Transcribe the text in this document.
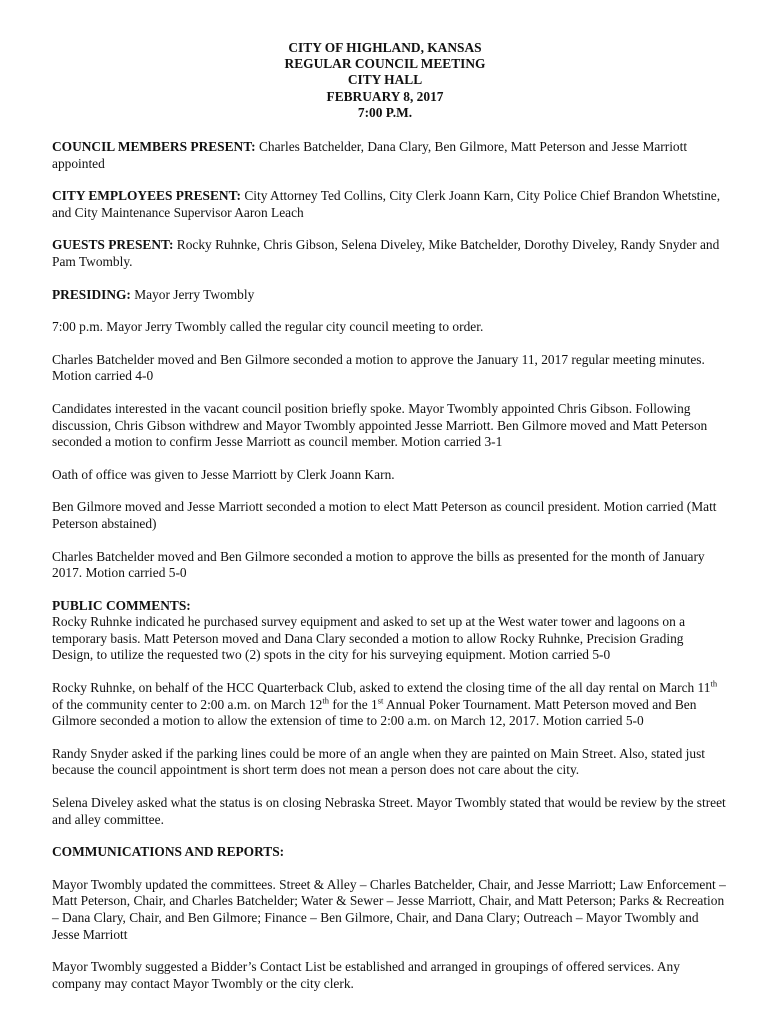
CITY OF HIGHLAND, KANSAS
REGULAR COUNCIL MEETING
CITY HALL
FEBRUARY 8, 2017
7:00 P.M.

COUNCIL MEMBERS PRESENT: Charles Batchelder, Dana Clary, Ben Gilmore, Matt Peterson and Jesse Marriott appointed

CITY EMPLOYEES PRESENT: City Attorney Ted Collins, City Clerk Joann Karn, City Police Chief Brandon Whetstine, and City Maintenance Supervisor Aaron Leach

GUESTS PRESENT: Rocky Ruhnke, Chris Gibson, Selena Diveley, Mike Batchelder, Dorothy Diveley, Randy Snyder and Pam Twombly.

PRESIDING: Mayor Jerry Twombly

7:00 p.m. Mayor Jerry Twombly called the regular city council meeting to order.

Charles Batchelder moved and Ben Gilmore seconded a motion to approve the January 11, 2017 regular meeting minutes. Motion carried 4-0

Candidates interested in the vacant council position briefly spoke. Mayor Twombly appointed Chris Gibson. Following discussion, Chris Gibson withdrew and Mayor Twombly appointed Jesse Marriott. Ben Gilmore moved and Matt Peterson seconded a motion to confirm Jesse Marriott as council member. Motion carried 3-1

Oath of office was given to Jesse Marriott by Clerk Joann Karn.

Ben Gilmore moved and Jesse Marriott seconded a motion to elect Matt Peterson as council president. Motion carried (Matt Peterson abstained)

Charles Batchelder moved and Ben Gilmore seconded a motion to approve the bills as presented for the month of January 2017. Motion carried 5-0

PUBLIC COMMENTS:

Rocky Ruhnke indicated he purchased survey equipment and asked to set up at the West water tower and lagoons on a temporary basis. Matt Peterson moved and Dana Clary seconded a motion to allow Rocky Ruhnke, Precision Grading Design, to utilize the requested two (2) spots in the city for his surveying equipment. Motion carried 5-0

Rocky Ruhnke, on behalf of the HCC Quarterback Club, asked to extend the closing time of the all day rental on March 11th of the community center to 2:00 a.m. on March 12th for the 1st Annual Poker Tournament. Matt Peterson moved and Ben Gilmore seconded a motion to allow the extension of time to 2:00 a.m. on March 12, 2017. Motion carried 5-0

Randy Snyder asked if the parking lines could be more of an angle when they are painted on Main Street. Also, stated just because the council appointment is short term does not mean a person does not care about the city.

Selena Diveley asked what the status is on closing Nebraska Street. Mayor Twombly stated that would be review by the street and alley committee.

COMMUNICATIONS AND REPORTS:

Mayor Twombly updated the committees. Street & Alley – Charles Batchelder, Chair, and Jesse Marriott; Law Enforcement – Matt Peterson, Chair, and Charles Batchelder; Water & Sewer – Jesse Marriott, Chair, and Matt Peterson; Parks & Recreation – Dana Clary, Chair, and Ben Gilmore; Finance – Ben Gilmore, Chair, and Dana Clary; Outreach – Mayor Twombly and Jesse Marriott

Mayor Twombly suggested a Bidder’s Contact List be established and arranged in groupings of offered services. Any company may contact Mayor Twombly or the city clerk.
